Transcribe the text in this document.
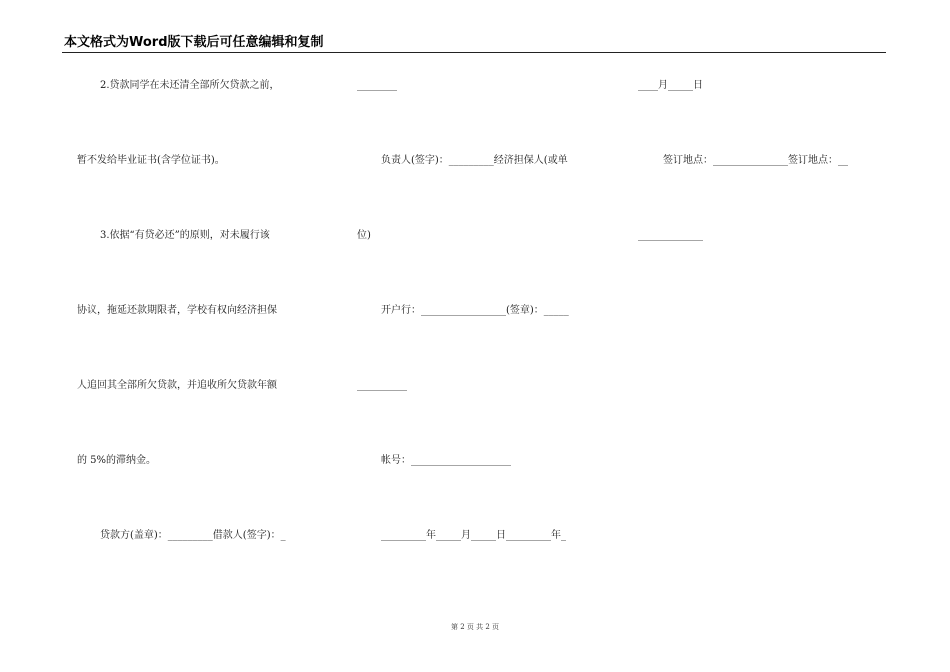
本文格式为Word版下载后可任意编辑和复制
2.贷款同学在未还清全部所欠贷款之前，
暂不发给毕业证书(含学位证书)。
3.依据“有贷必还”的原则，对未履行该
协议，拖延还款期限者，学校有权向经济担保
人追回其全部所欠贷款，并追收所欠贷款年额
的 5%的滞纳金。
贷款方(盖章)：_________借款人(签字)：_
________
负责人(签字)：_________经济担保人(或单
位)
开户行：_________________(签章)：_____
__________
帐号：____________________
_________年_____月_____日_________年_
____月_____日
签订地点：_______________签订地点：__
_____________
第 2 页 共 2 页
